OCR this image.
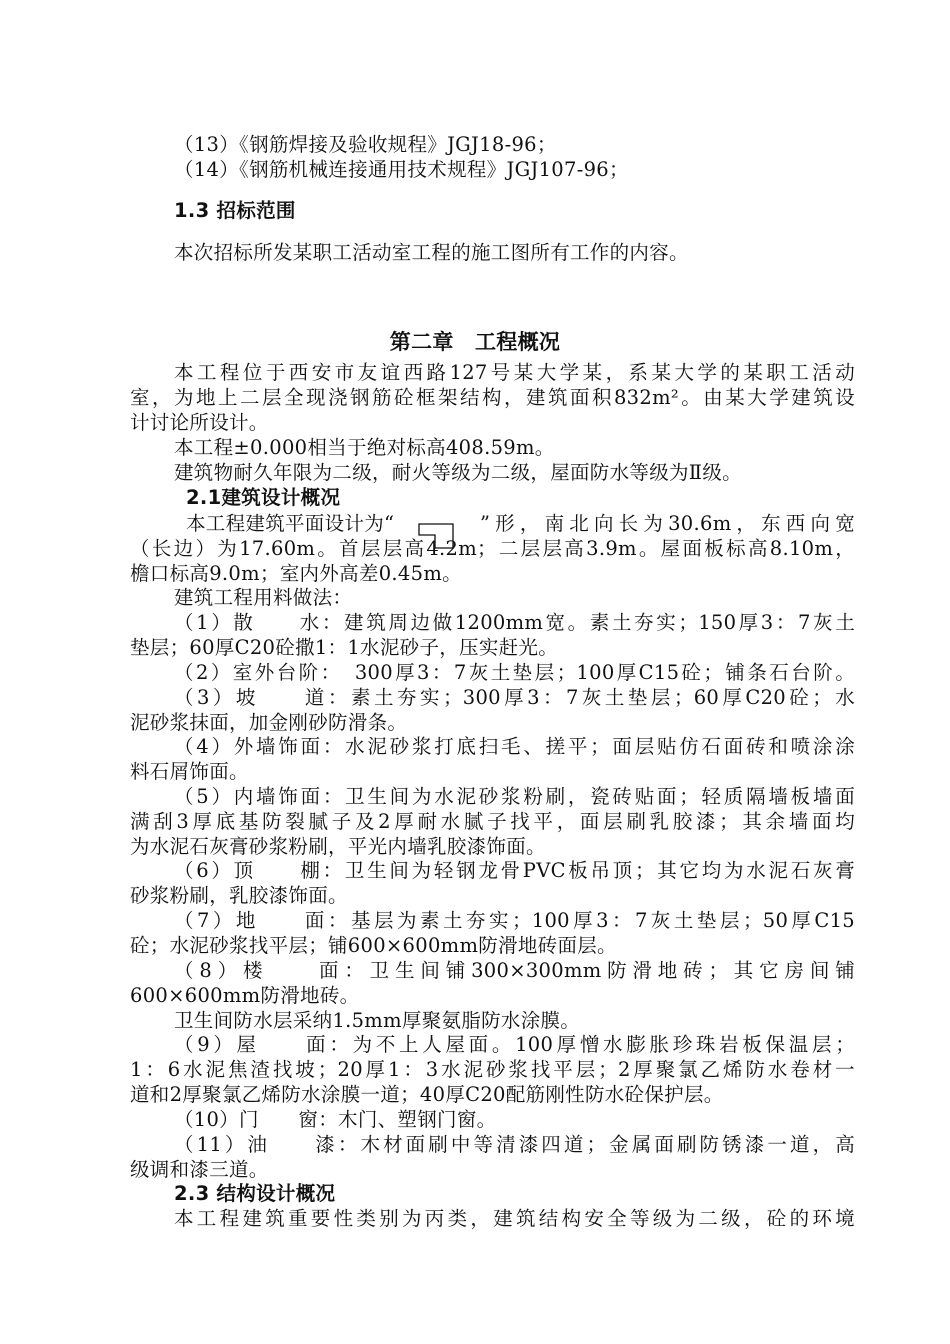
（13）《钢筋焊接及验收规程》JGJ18-96；
（14）《钢筋机械连接通用技术规程》JGJ107-96；
1.3 招标范围
本次招标所发某职工活动室工程的施工图所有工作的内容。
第二章　工程概况
本工程位于西安市友谊西路127号某大学某，系某大学的某职工活动
室，为地上二层全现浇钢筋砼框架结构，建筑面积832m²。由某大学建筑设
计讨论所设计。
本工程±0.000相当于绝对标高408.59m。
建筑物耐久年限为二级，耐火等级为二级，屋面防水等级为Ⅱ级。
2.1建筑设计概况
本工程建筑平面设计为“	”形，南北向长为30.6m，东西向宽
（长边）为17.60m。首层层高4.2m；二层层高3.9m。屋面板标高8.10m，
檐口标高9.0m；室内外高差0.45m。
建筑工程用料做法：
（1）散　　水：建筑周边做1200mm宽。素土夯实；150厚3：7灰土
垫层；60厚C20砼撒1：1水泥砂子，压实赶光。
（2）室外台阶：　300厚3：7灰土垫层；100厚C15砼；铺条石台阶。
（3）坡　　道：素土夯实；300厚3：7灰土垫层；60厚C20砼；水
泥砂浆抹面，加金刚砂防滑条。
（4）外墙饰面：水泥砂浆打底扫毛、搓平；面层贴仿石面砖和喷涂涂
料石屑饰面。
（5）内墙饰面：卫生间为水泥砂浆粉刷，瓷砖贴面；轻质隔墙板墙面
满刮3厚底基防裂腻子及2厚耐水腻子找平，面层刷乳胶漆；其余墙面均
为水泥石灰膏砂浆粉刷，平光内墙乳胶漆饰面。
（6）顶　　棚：卫生间为轻钢龙骨PVC板吊顶；其它均为水泥石灰膏
砂浆粉刷，乳胶漆饰面。
（7）地　　面：基层为素土夯实；100厚3：7灰土垫层；50厚C15
砼；水泥砂浆找平层；铺600×600mm防滑地砖面层。
（8）楼　　面：卫生间铺300×300mm防滑地砖；其它房间铺
600×600mm防滑地砖。
卫生间防水层采纳1.5mm厚聚氨脂防水涂膜。
（9）屋　　面：为不上人屋面。100厚憎水膨胀珍珠岩板保温层；
1：6水泥焦渣找坡；20厚1：3水泥砂浆找平层；2厚聚氯乙烯防水卷材一
道和2厚聚氯乙烯防水涂膜一道；40厚C20配筋刚性防水砼保护层。
（10）门　　窗：木门、塑钢门窗。
（11）油　　漆：木材面刷中等清漆四道；金属面刷防锈漆一道，高
级调和漆三道。
2.3 结构设计概况
本工程建筑重要性类别为丙类，建筑结构安全等级为二级，砼的环境
